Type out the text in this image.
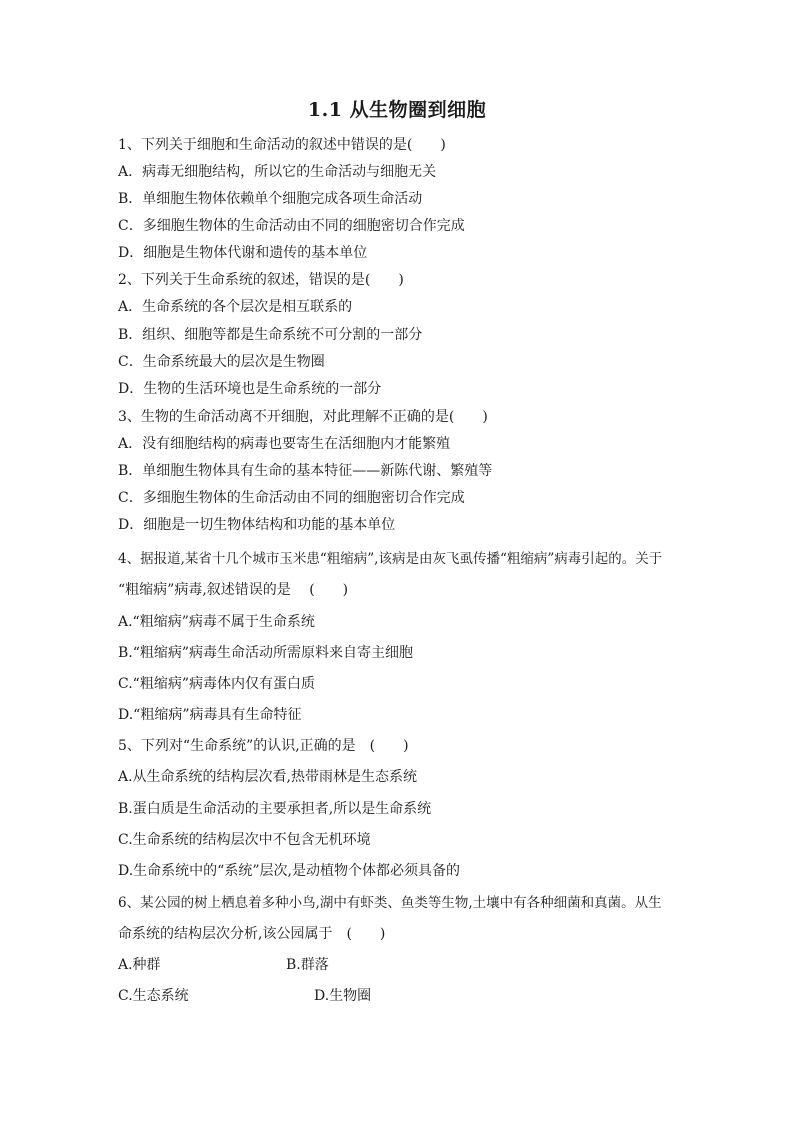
1.1 从生物圈到细胞
1、下列关于细胞和生命活动的叙述中错误的是(　　)
A．病毒无细胞结构，所以它的生命活动与细胞无关
B．单细胞生物体依赖单个细胞完成各项生命活动
C．多细胞生物体的生命活动由不同的细胞密切合作完成
D．细胞是生物体代谢和遗传的基本单位
2、下列关于生命系统的叙述，错误的是(　　)
A．生命系统的各个层次是相互联系的
B．组织、细胞等都是生命系统不可分割的一部分
C．生命系统最大的层次是生物圈
D．生物的生活环境也是生命系统的一部分
3、生物的生命活动离不开细胞，对此理解不正确的是(　　)
A．没有细胞结构的病毒也要寄生在活细胞内才能繁殖
B．单细胞生物体具有生命的基本特征——新陈代谢、繁殖等
C．多细胞生物体的生命活动由不同的细胞密切合作完成
D．细胞是一切生物体结构和功能的基本单位
4、据报道,某省十几个城市玉米患“粗缩病”,该病是由灰飞虱传播“粗缩病”病毒引起的。关于
“粗缩病”病毒,叙述错误的是　 (　　)
A.“粗缩病”病毒不属于生命系统
B.“粗缩病”病毒生命活动所需原料来自寄主细胞
C.“粗缩病”病毒体内仅有蛋白质
D.“粗缩病”病毒具有生命特征
5、下列对“生命系统”的认识,正确的是　(　　)
A.从生命系统的结构层次看,热带雨林是生态系统
B.蛋白质是生命活动的主要承担者,所以是生命系统
C.生命系统的结构层次中不包含无机环境
D.生命系统中的“系统”层次,是动植物个体都必须具备的
6、某公园的树上栖息着多种小鸟,湖中有虾类、鱼类等生物,土壤中有各种细菌和真菌。从生
命系统的结构层次分析,该公园属于　(　　)
A.种群	B.群落
C.生态系统	D.生物圈
